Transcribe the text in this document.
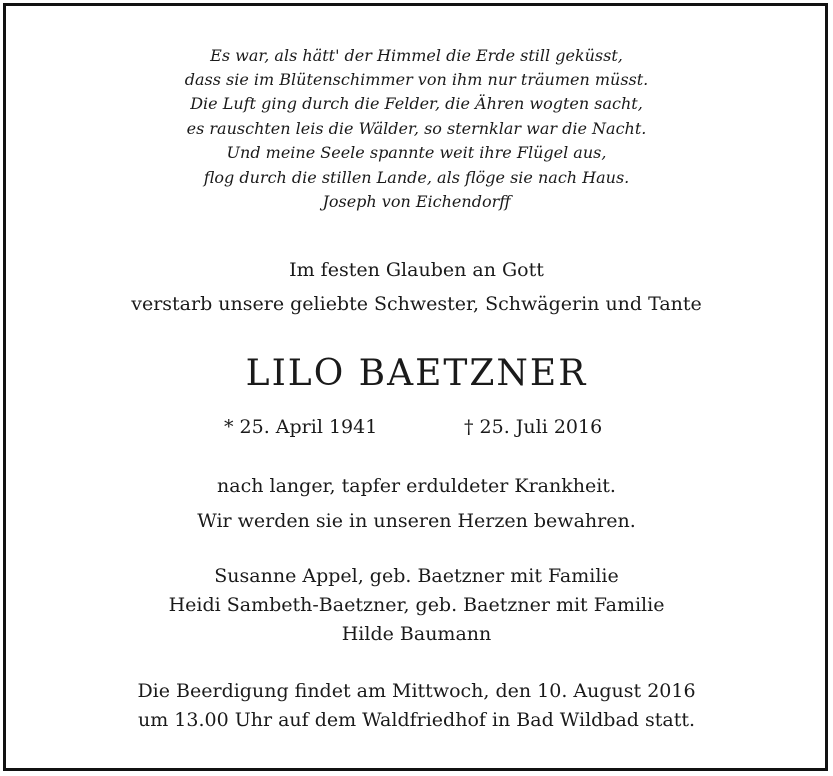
Es war, als hätt' der Himmel die Erde still geküsst,
dass sie im Blütenschimmer von ihm nur träumen müsst.
Die Luft ging durch die Felder, die Ähren wogten sacht,
es rauschten leis die Wälder, so sternklar war die Nacht.
Und meine Seele spannte weit ihre Flügel aus,
flog durch die stillen Lande, als flöge sie nach Haus.
Joseph von Eichendorff
Im festen Glauben an Gott
verstarb unsere geliebte Schwester, Schwägerin und Tante
LILO BAETZNER
* 25. April 1941	† 25. Juli 2016
nach langer, tapfer erduldeter Krankheit.
Wir werden sie in unseren Herzen bewahren.
Susanne Appel, geb. Baetzner mit Familie
Heidi Sambeth-Baetzner, geb. Baetzner mit Familie
Hilde Baumann
Die Beerdigung findet am Mittwoch, den 10. August 2016
um 13.00 Uhr auf dem Waldfriedhof in Bad Wildbad statt.
